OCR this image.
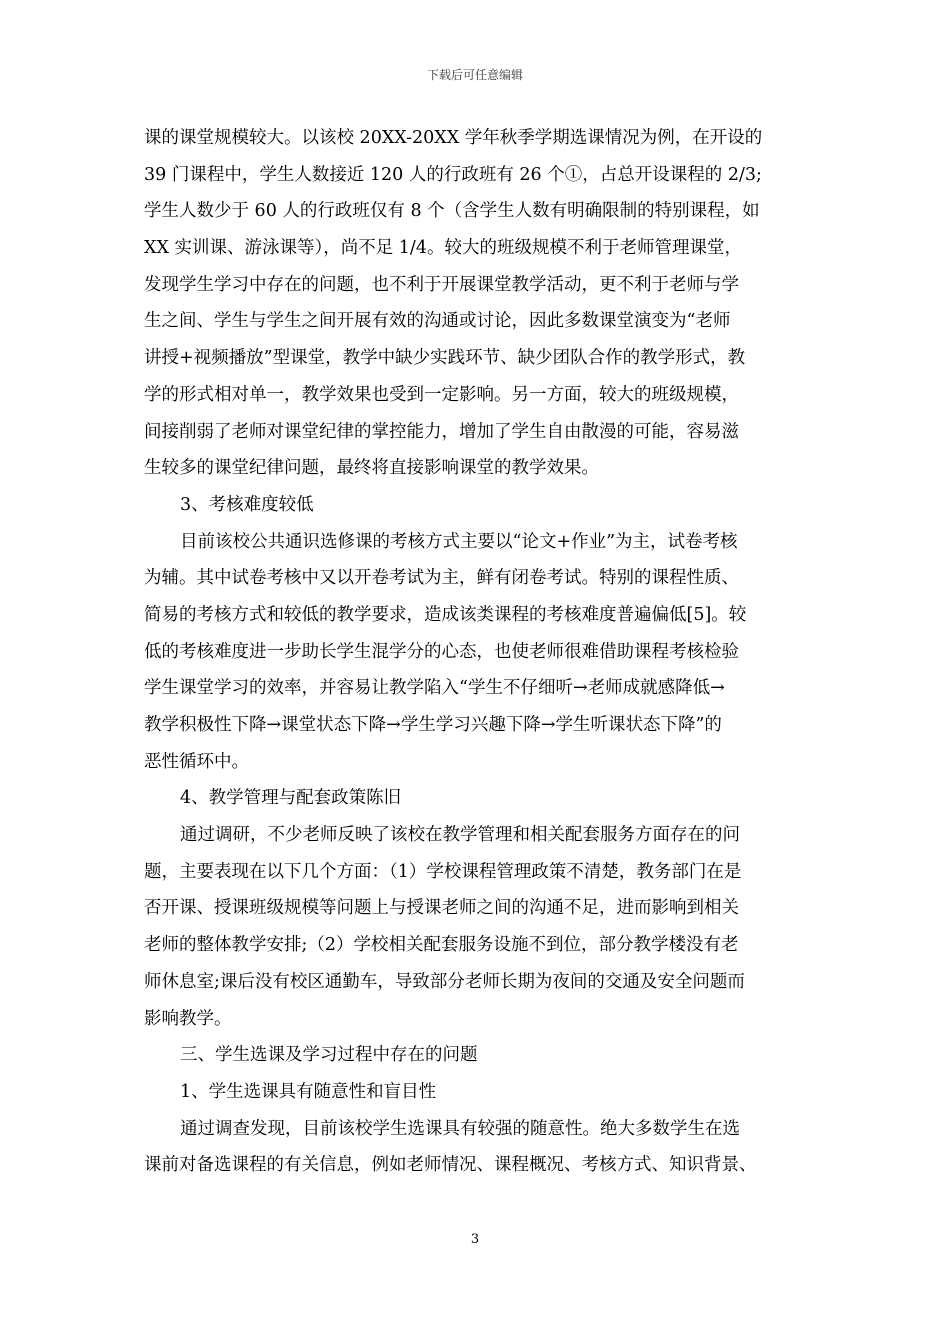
下载后可任意编辑
课的课堂规模较大。以该校 20XX-20XX 学年秋季学期选课情况为例，在开设的
39 门课程中，学生人数接近 120 人的行政班有 26 个①，占总开设课程的 2/3;
学生人数少于 60 人的行政班仅有 8 个（含学生人数有明确限制的特别课程，如
XX 实训课、游泳课等），尚不足 1/4。较大的班级规模不利于老师管理课堂，
发现学生学习中存在的问题，也不利于开展课堂教学活动，更不利于老师与学
生之间、学生与学生之间开展有效的沟通或讨论，因此多数课堂演变为“老师
讲授+视频播放”型课堂，教学中缺少实践环节、缺少团队合作的教学形式，教
学的形式相对单一，教学效果也受到一定影响。另一方面，较大的班级规模，
间接削弱了老师对课堂纪律的掌控能力，增加了学生自由散漫的可能，容易滋
生较多的课堂纪律问题，最终将直接影响课堂的教学效果。
3、考核难度较低
目前该校公共通识选修课的考核方式主要以“论文+作业”为主，试卷考核
为辅。其中试卷考核中又以开卷考试为主，鲜有闭卷考试。特别的课程性质、
简易的考核方式和较低的教学要求，造成该类课程的考核难度普遍偏低[5]。较
低的考核难度进一步助长学生混学分的心态，也使老师很难借助课程考核检验
学生课堂学习的效率，并容易让教学陷入“学生不仔细听→老师成就感降低→
教学积极性下降→课堂状态下降→学生学习兴趣下降→学生听课状态下降”的
恶性循环中。
4、教学管理与配套政策陈旧
通过调研，不少老师反映了该校在教学管理和相关配套服务方面存在的问
题，主要表现在以下几个方面：（1）学校课程管理政策不清楚，教务部门在是
否开课、授课班级规模等问题上与授课老师之间的沟通不足，进而影响到相关
老师的整体教学安排;（2）学校相关配套服务设施不到位，部分教学楼没有老
师休息室;课后没有校区通勤车，导致部分老师长期为夜间的交通及安全问题而
影响教学。
三、学生选课及学习过程中存在的问题
1、学生选课具有随意性和盲目性
通过调查发现，目前该校学生选课具有较强的随意性。绝大多数学生在选
课前对备选课程的有关信息，例如老师情况、课程概况、考核方式、知识背景、
3
